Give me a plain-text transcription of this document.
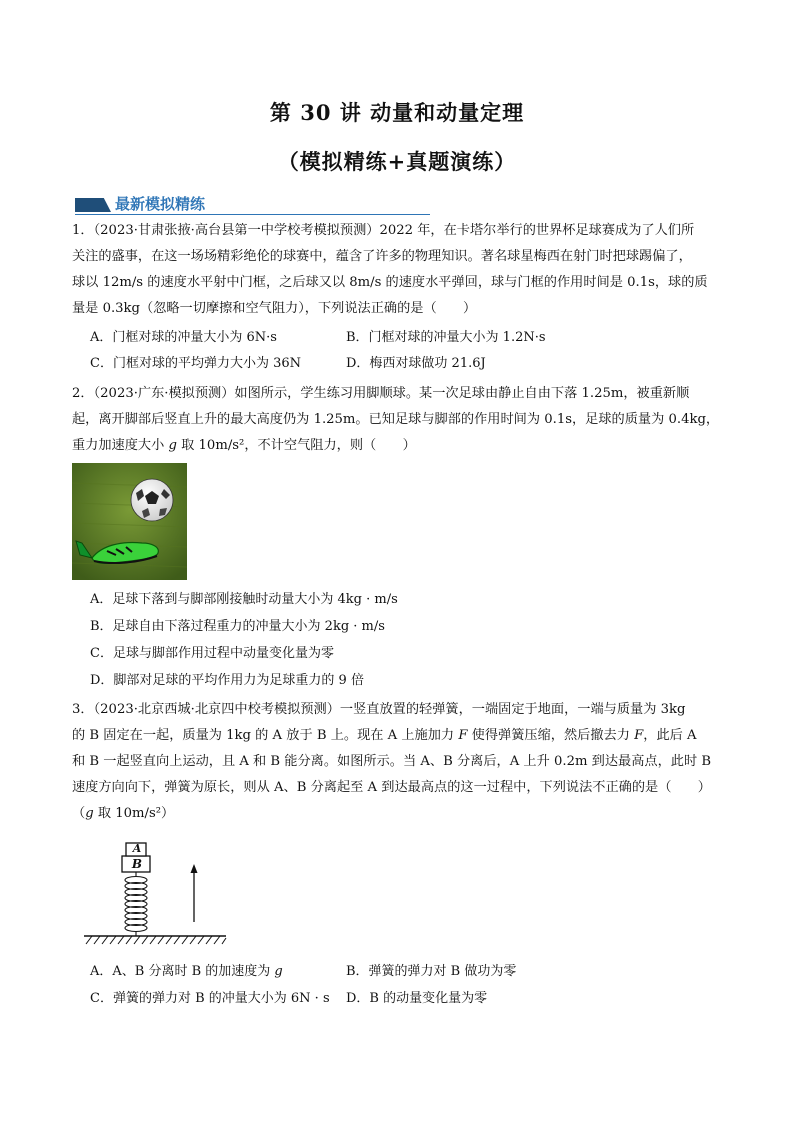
第 30 讲 动量和动量定理
（模拟精练+真题演练）
最新模拟精练
1．（2023·甘肃张掖·高台县第一中学校考模拟预测）2022 年，在卡塔尔举行的世界杯足球赛成为了人们所
关注的盛事，在这一场场精彩绝伦的球赛中，蕴含了许多的物理知识。著名球星梅西在射门时把球踢偏了，
球以 12m/s 的速度水平射中门框，之后球又以 8m/s 的速度水平弹回，球与门框的作用时间是 0.1s，球的质
量是 0.3kg（忽略一切摩擦和空气阻力），下列说法正确的是（　　）
A．门框对球的冲量大小为 6N·s	B．门框对球的冲量大小为 1.2N·s
C．门框对球的平均弹力大小为 36N	D．梅西对球做功 21.6J
2．（2023·广东·模拟预测）如图所示，学生练习用脚顺球。某一次足球由静止自由下落 1.25m，被重新顺
起，离开脚部后竖直上升的最大高度仍为 1.25m。已知足球与脚部的作用时间为 0.1s，足球的质量为 0.4kg，
重力加速度大小 g 取 10m/s²，不计空气阻力，则（　　）
A．足球下落到与脚部刚接触时动量大小为 4kg · m/s
B．足球自由下落过程重力的冲量大小为 2kg · m/s
C．足球与脚部作用过程中动量变化量为零
D．脚部对足球的平均作用力为足球重力的 9 倍
3．（2023·北京西城·北京四中校考模拟预测）一竖直放置的轻弹簧，一端固定于地面，一端与质量为 3kg
的 B 固定在一起，质量为 1kg 的 A 放于 B 上。现在 A 上施加力 F 使得弹簧压缩，然后撤去力 F，此后 A
和 B 一起竖直向上运动，且 A 和 B 能分离。如图所示。当 A、B 分离后，A 上升 0.2m 到达最高点，此时 B
速度方向向下，弹簧为原长，则从 A、B 分离起至 A 到达最高点的这一过程中，下列说法不正确的是（　　）
（g 取 10m/s²）
A
B
A．A、B 分离时 B 的加速度为 g	B．弹簧的弹力对 B 做功为零
C．弹簧的弹力对 B 的冲量大小为 6N · s D．B 的动量变化量为零
